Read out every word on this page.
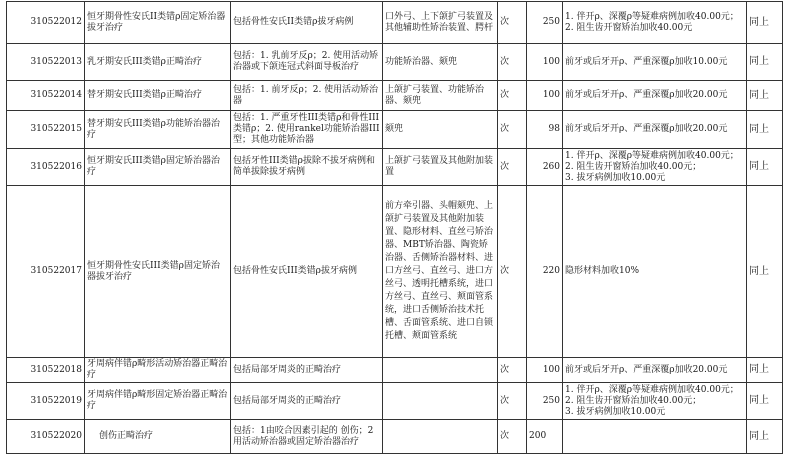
310522012	恒牙期骨性安氏II类错ρ固定矫治器拔牙治疗	包括骨性安氏II类错ρ拔牙病例	口外弓、上下颌扩弓装置及其他辅助性矫治装置、腭杆	次	250	1. 伴开ρ、深覆ρ等疑难病例加收40.00元；
2. 阻生齿开窗矫治加收40.00元	同上
310522013	乳牙期安氏III类错ρ正畸治疗	包括：1. 乳前牙反ρ；2. 使用活动矫治器或下颌连冠式斜面导板治疗	功能矫治器、颏兜	次	100	前牙或后牙开ρ、严重深覆ρ加收10.00元	同上
310522014	替牙期安氏III类错ρ正畸治疗	包括：1. 前牙反ρ；2. 使用活动矫治器	上颌扩弓装置、功能矫治器、颏兜	次	100	前牙或后牙开ρ、严重深覆ρ加收20.00元	同上
310522015	替牙期安氏III类错ρ功能矫治器治疗	包括：1. 严重牙性III类错ρ和骨性III类错ρ；2. 使用rankel功能矫治器III型；其他功能矫治器	颏兜	次	98	前牙或后牙开ρ、严重深覆ρ加收20.00元	同上
310522016	恒牙期安氏III类错ρ固定矫治器治疗	包括牙性III类错ρ拔除不拔牙病例和简单拔除拔牙病例	上颌扩弓装置及其他附加装置	次	260	1. 伴开ρ、深覆ρ等疑难病例加收40.00元；
2. 阻生齿开窗矫治加收40.00元；
3. 拔牙病例加收10.00元	同上
310522017	恒牙期骨性安氏III类错ρ固定矫治器拔牙治疗	包括骨性安氏III类错ρ拔牙病例	前方牵引器、头帽颏兜、上颌扩弓装置及其他附加装置、隐形材料、直丝弓矫治器、MBT矫治器、陶瓷矫治器、舌侧矫治器材料、进口方丝弓、直丝弓、进口方丝弓、透明托槽系统，进口方丝弓、直丝弓、颊面管系统，进口舌侧矫治技术托槽、舌面管系统、进口自锁托槽、颊面管系统	次	220	隐形材料加收10%	同上
310522018	牙周病伴错ρ畸形活动矫治器正畸治疗	包括局部牙周炎的正畸治疗		次	100	前牙或后牙开ρ、严重深覆ρ加收20.00元	同上
310522019	牙周病伴错ρ畸形固定矫治器正畸治疗	包括局部牙周炎的正畸治疗		次	250	1. 伴开ρ、深覆ρ等疑难病例加收40.00元；
2. 阻生齿开窗矫治加收40.00元；
3. 拔牙病例加收10.00元	同上
310522020	创伤正畸治疗	包括：1由咬合因素引起的 创伤；2用活动矫治器或固定矫治器治疗		次	200		同上
